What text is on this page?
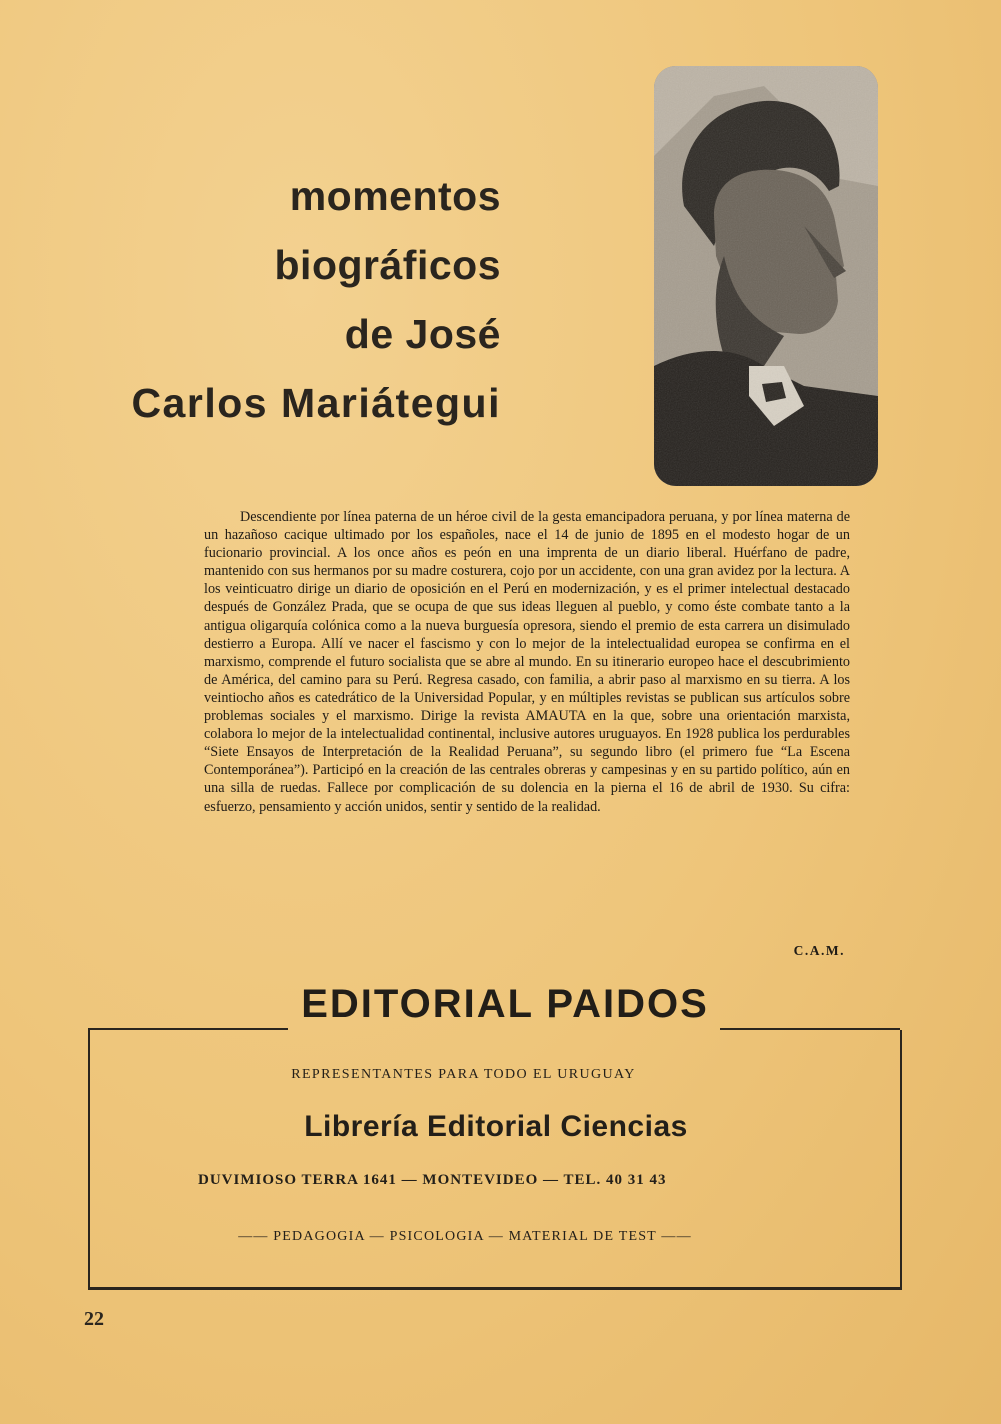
momentos
biográficos
de José
Carlos Mariátegui

Descendiente por línea paterna de un héroe civil de la gesta emancipadora peruana, y por línea materna de un hazañoso cacique ultimado por los españoles, nace el 14 de junio de 1895 en el modesto hogar de un fucionario provincial. A los once años es peón en una imprenta de un diario liberal. Huérfano de padre, mantenido con sus hermanos por su madre costurera, cojo por un accidente, con una gran avidez por la lectura. A los veinticuatro dirige un diario de oposición en el Perú en modernización, y es el primer intelectual destacado después de González Prada, que se ocupa de que sus ideas lleguen al pueblo, y como éste combate tanto a la antigua oligarquía colónica como a la nueva burguesía opresora, siendo el premio de esta carrera un disimulado destierro a Europa. Allí ve nacer el fascismo y con lo mejor de la intelectualidad europea se confirma en el marxismo, comprende el futuro socialista que se abre al mundo. En su itinerario europeo hace el descubrimiento de América, del camino para su Perú. Regresa casado, con familia, a abrir paso al marxismo en su tierra. A los veintiocho años es catedrático de la Universidad Popular, y en múltiples revistas se publican sus artículos sobre problemas sociales y el marxismo. Dirige la revista AMAUTA en la que, sobre una orientación marxista, colabora lo mejor de la intelectualidad continental, inclusive autores uruguayos. En 1928 publica los perdurables “Siete Ensayos de Interpretación de la Realidad Peruana”, su segundo libro (el primero fue “La Escena Contemporánea”). Participó en la creación de las centrales obreras y campesinas y en su partido político, aún en una silla de ruedas. Fallece por complicación de su dolencia en la pierna el 16 de abril de 1930. Su cifra: esfuerzo, pensamiento y acción unidos, sentir y sentido de la realidad.

C.A.M.
EDITORIAL PAIDOS
REPRESENTANTES PARA TODO EL URUGUAY
Librería Editorial Ciencias
DUVIMIOSO TERRA 1641 — MONTEVIDEO — TEL. 40 31 43
—— PEDAGOGIA — PSICOLOGIA — MATERIAL DE TEST ——
22
